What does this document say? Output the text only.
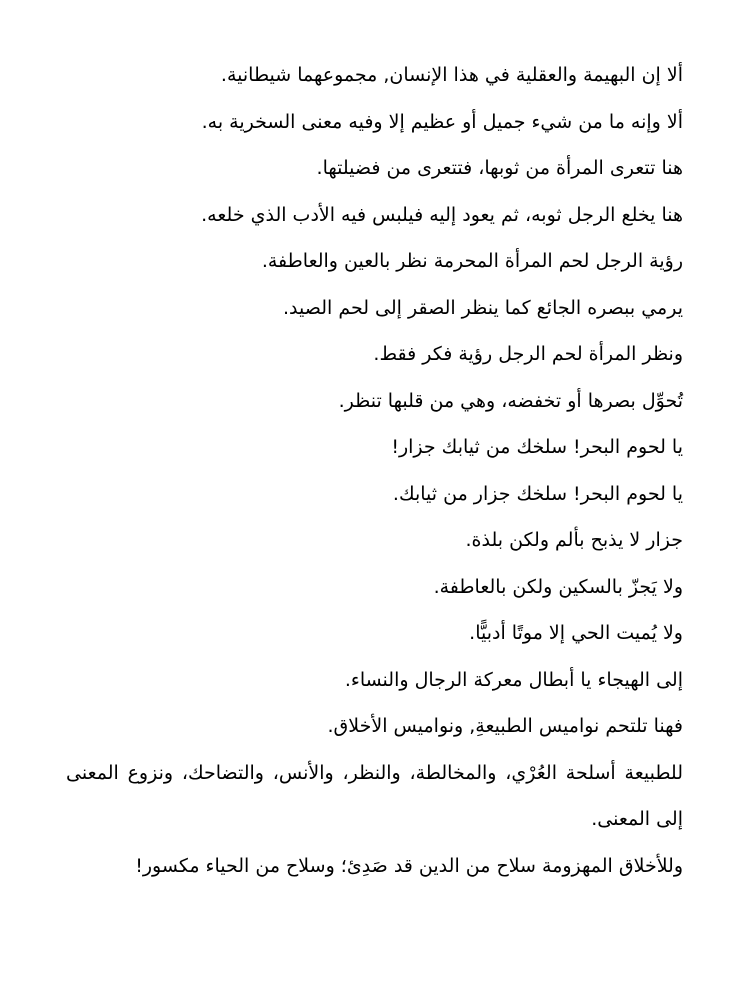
ألا إن البهيمة والعقلية في هذا الإنسان, مجموعهما شيطانية.
ألا وإنه ما من شيء جميل أو عظيم إلا وفيه معنى السخرية به.
هنا تتعرى المرأة من ثوبها، فتتعرى من فضيلتها.
هنا يخلع الرجل ثوبه، ثم يعود إليه فيلبس فيه الأدب الذي خلعه.
رؤية الرجل لحم المرأة المحرمة نظر بالعين والعاطفة.
يرمي ببصره الجائع كما ينظر الصقر إلى لحم الصيد.
ونظر المرأة لحم الرجل رؤية فكر فقط.
تُحوِّل بصرها أو تخفضه، وهي من قلبها تنظر.
يا لحوم البحر! سلخك من ثيابك جزار!
يا لحوم البحر! سلخك جزار من ثيابك.
جزار لا يذبح بألم ولكن بلذة.
ولا يَجزّ بالسكين ولكن بالعاطفة.
ولا يُميت الحي إلا موتًا أدبيًّا.
إلى الهيجاء يا أبطال معركة الرجال والنساء.
فهنا تلتحم نواميس الطبيعةِ, ونواميس الأخلاق.
للطبيعة أسلحة العُرْي، والمخالطة، والنظر، والأنس، والتضاحك، ونزوع المعنى إلى المعنى.
وللأخلاق المهزومة سلاح من الدين قد صَدِئ؛ وسلاح من الحياء مكسور!
